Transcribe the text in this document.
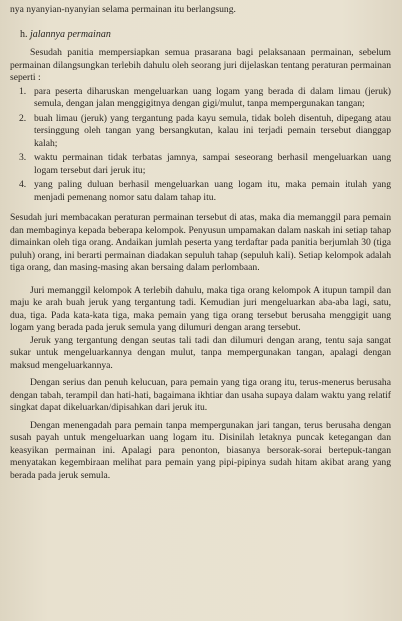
nya nyanyian-nyanyian selama permainan itu berlangsung.

h. jalannya permainan

Sesudah panitia mempersiapkan semua prasarana bagi pelaksanaan permainan, sebelum permainan dilangsungkan terlebih dahulu oleh seorang juri dijelaskan tentang peraturan permainan seperti :

1. para peserta diharuskan mengeluarkan uang logam yang berada di dalam limau (jeruk) semula, dengan jalan menggigitnya dengan gigi/mulut, tanpa mempergunakan tangan;
2. buah limau (jeruk) yang tergantung pada kayu semula, tidak boleh disentuh, dipegang atau tersinggung oleh tangan yang bersangkutan, kalau ini terjadi pemain tersebut dianggap kalah;
3. waktu permainan tidak terbatas jamnya, sampai seseorang berhasil mengeluarkan uang logam tersebut dari jeruk itu;
4. yang paling duluan berhasil mengeluarkan uang logam itu, maka pemain itulah yang menjadi pemenang nomor satu dalam tahap itu.

Sesudah juri membacakan peraturan permainan tersebut di atas, maka dia memanggil para pemain dan membaginya kepada beberapa kelompok. Penyusun umpamakan dalam naskah ini setiap tahap dimainkan oleh tiga orang. Andaikan jumlah peserta yang terdaftar pada panitia berjumlah 30 (tiga puluh) orang, ini berarti permainan diadakan sepuluh tahap (sepuluh kali). Setiap kelompok adalah tiga orang, dan masing-masing akan bersaing dalam perlombaan.

Juri memanggil kelompok A terlebih dahulu, maka tiga orang kelompok A itupun tampil dan maju ke arah buah jeruk yang tergantung tadi. Kemudian juri mengeluarkan aba-aba lagi, satu, dua, tiga. Pada kata-kata tiga, maka pemain yang tiga orang tersebut berusaha menggigit uang logam yang berada pada jeruk semula yang dilumuri dengan arang tersebut.

Jeruk yang tergantung dengan seutas tali tadi dan dilumuri dengan arang, tentu saja sangat sukar untuk mengeluarkannya dengan mulut, tanpa mempergunakan tangan, apalagi dengan maksud mengeluarkannya.

Dengan serius dan penuh kelucuan, para pemain yang tiga orang itu, terus-menerus berusaha dengan tabah, terampil dan hati-hati, bagaimana ikhtiar dan usaha supaya dalam waktu yang relatif singkat dapat dikeluarkan/dipisahkan dari jeruk itu.

Dengan menengadah para pemain tanpa mempergunakan jari tangan, terus berusaha dengan susah payah untuk mengeluarkan uang logam itu. Disinilah letaknya puncak ketegangan dan keasyikan permainan ini. Apalagi para penonton, biasanya bersorak-sorai bertepuk-tangan menyatakan kegembiraan melihat para pemain yang pipi-pipinya sudah hitam akibat arang yang berada pada jeruk semula.
